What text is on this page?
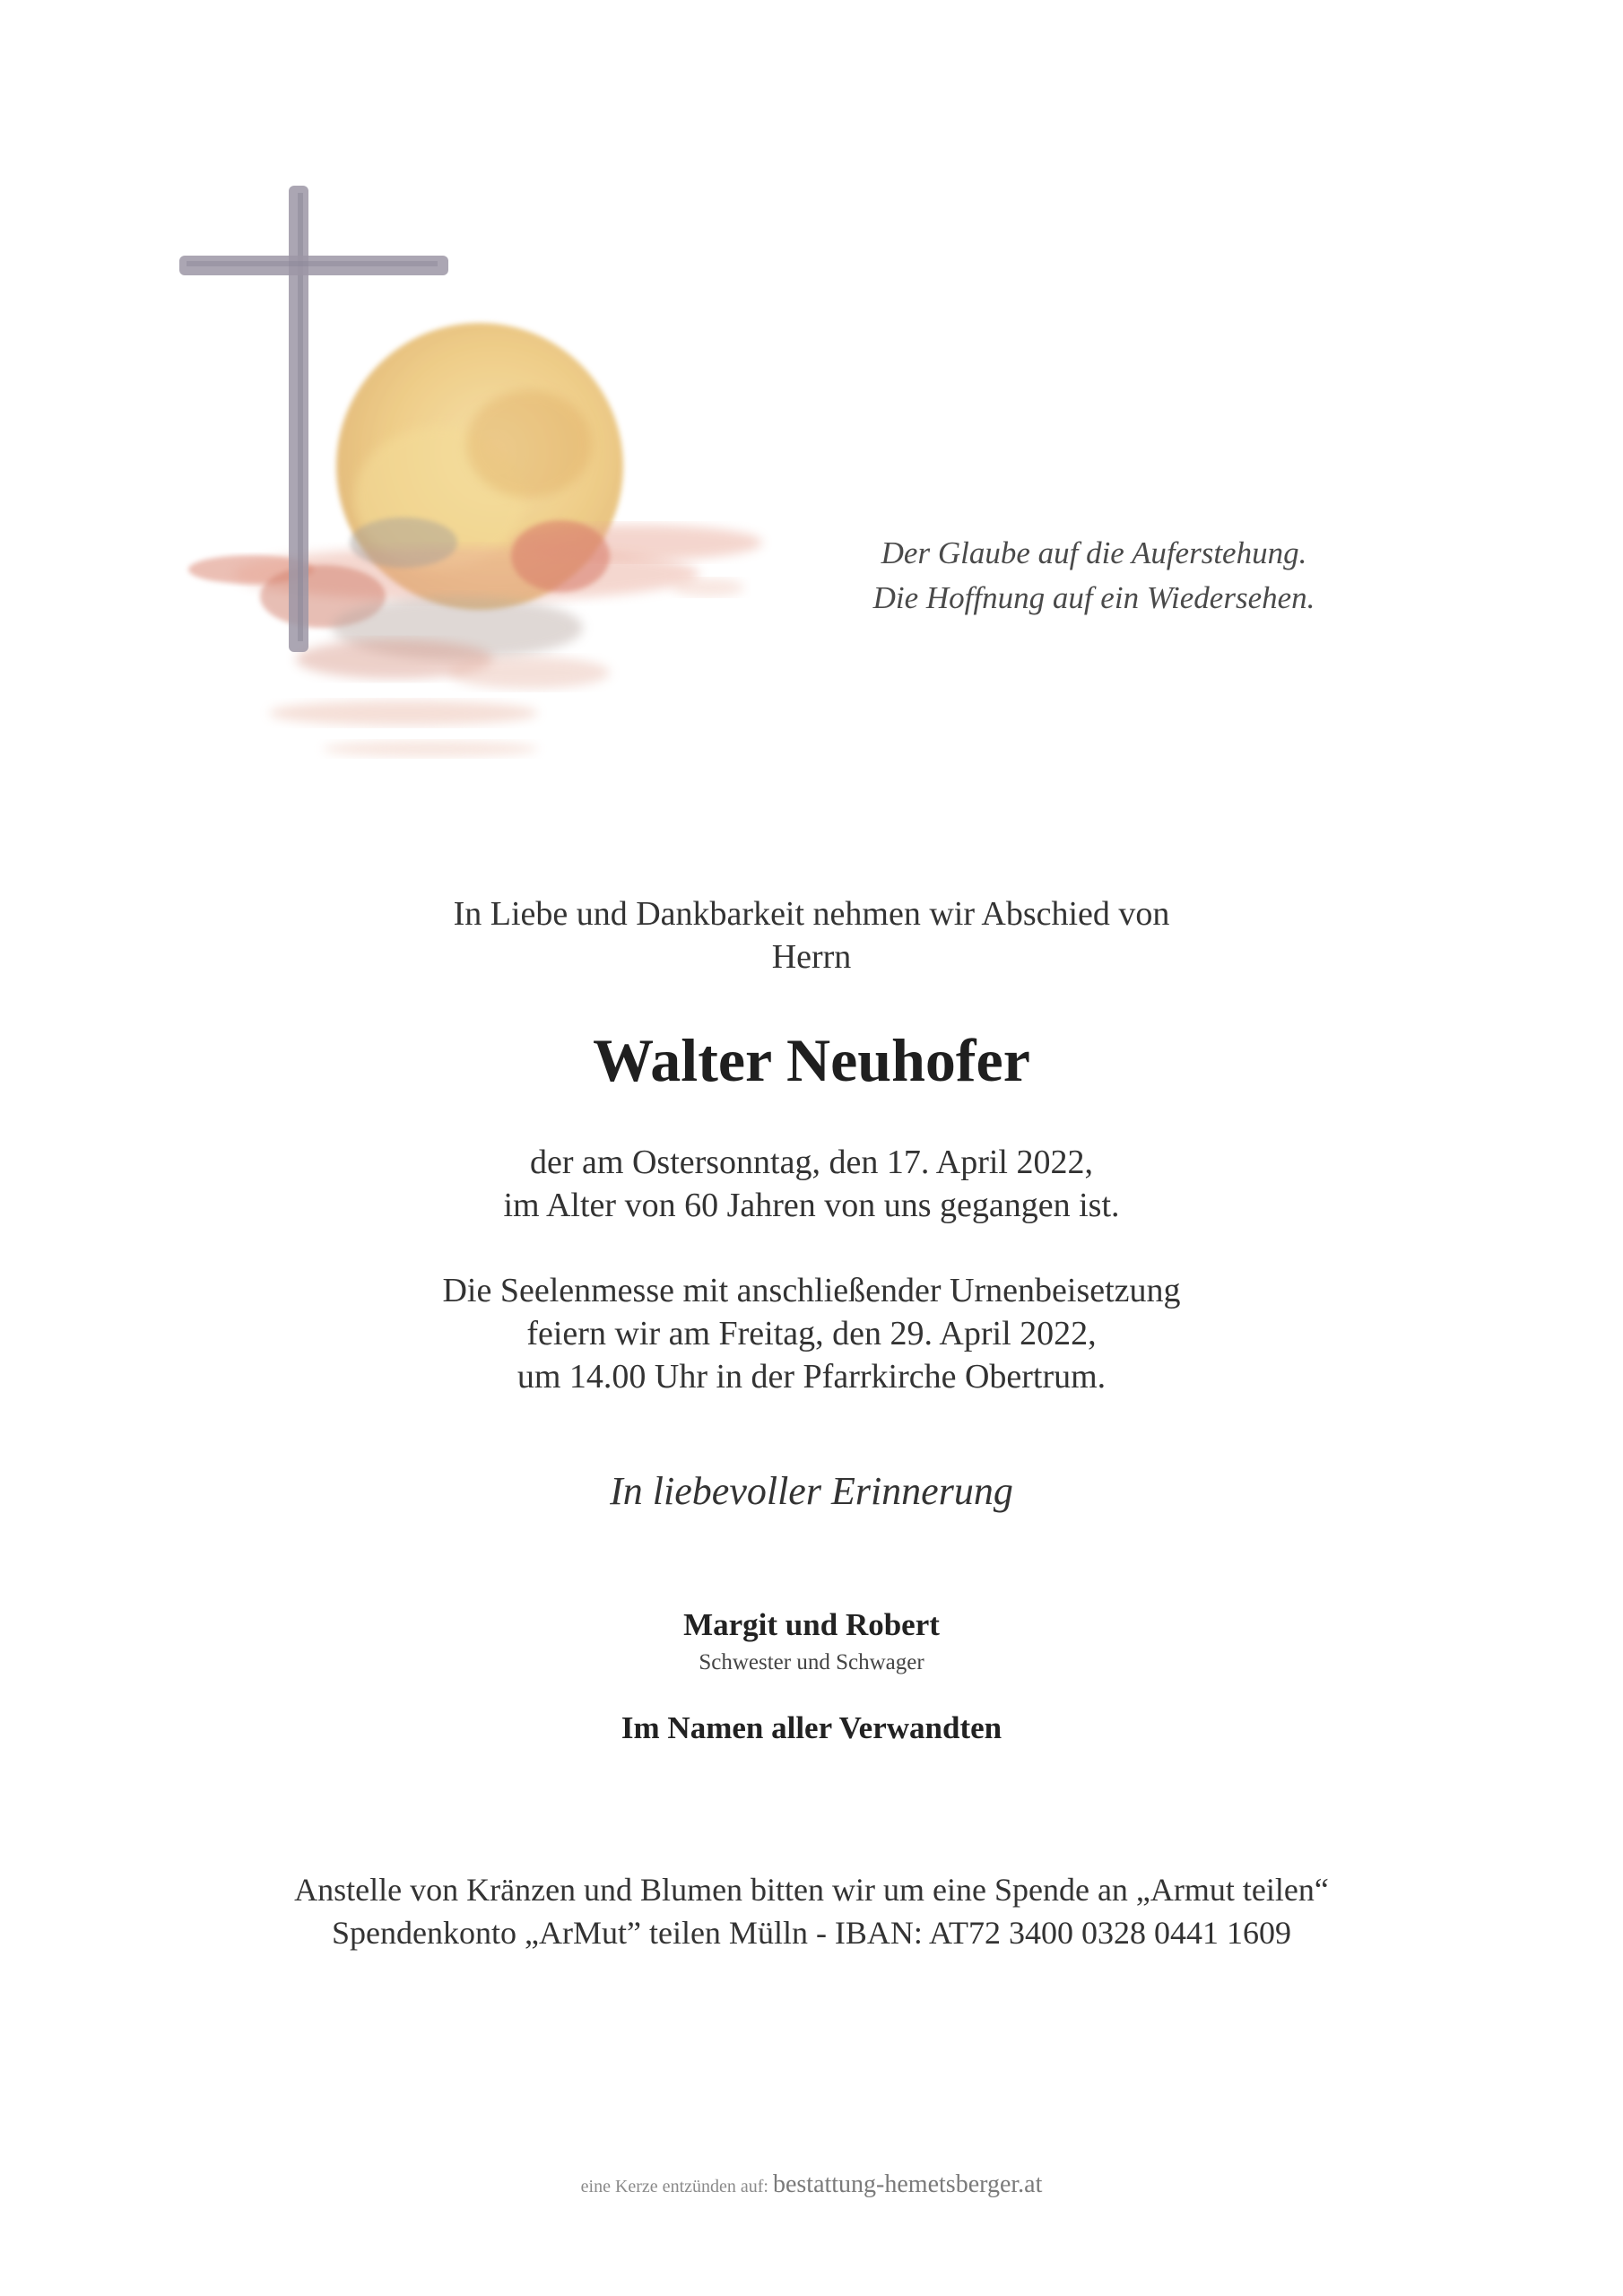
Der Glaube auf die Auferstehung.
Die Hoffnung auf ein Wiedersehen.
In Liebe und Dankbarkeit nehmen wir Abschied von
Herrn
Walter Neuhofer
der am Ostersonntag, den 17. April 2022,
im Alter von 60 Jahren von uns gegangen ist.
Die Seelenmesse mit anschließender Urnenbeisetzung
feiern wir am Freitag, den 29. April 2022,
um 14.00 Uhr in der Pfarrkirche Obertrum.
In liebevoller Erinnerung
Margit und Robert
Schwester und Schwager
Im Namen aller Verwandten
Anstelle von Kränzen und Blumen bitten wir um eine Spende an „Armut teilen“
Spendenkonto „ArMut” teilen Mülln - IBAN: AT72 3400 0328 0441 1609
eine Kerze entzünden auf: bestattung-hemetsberger.at
